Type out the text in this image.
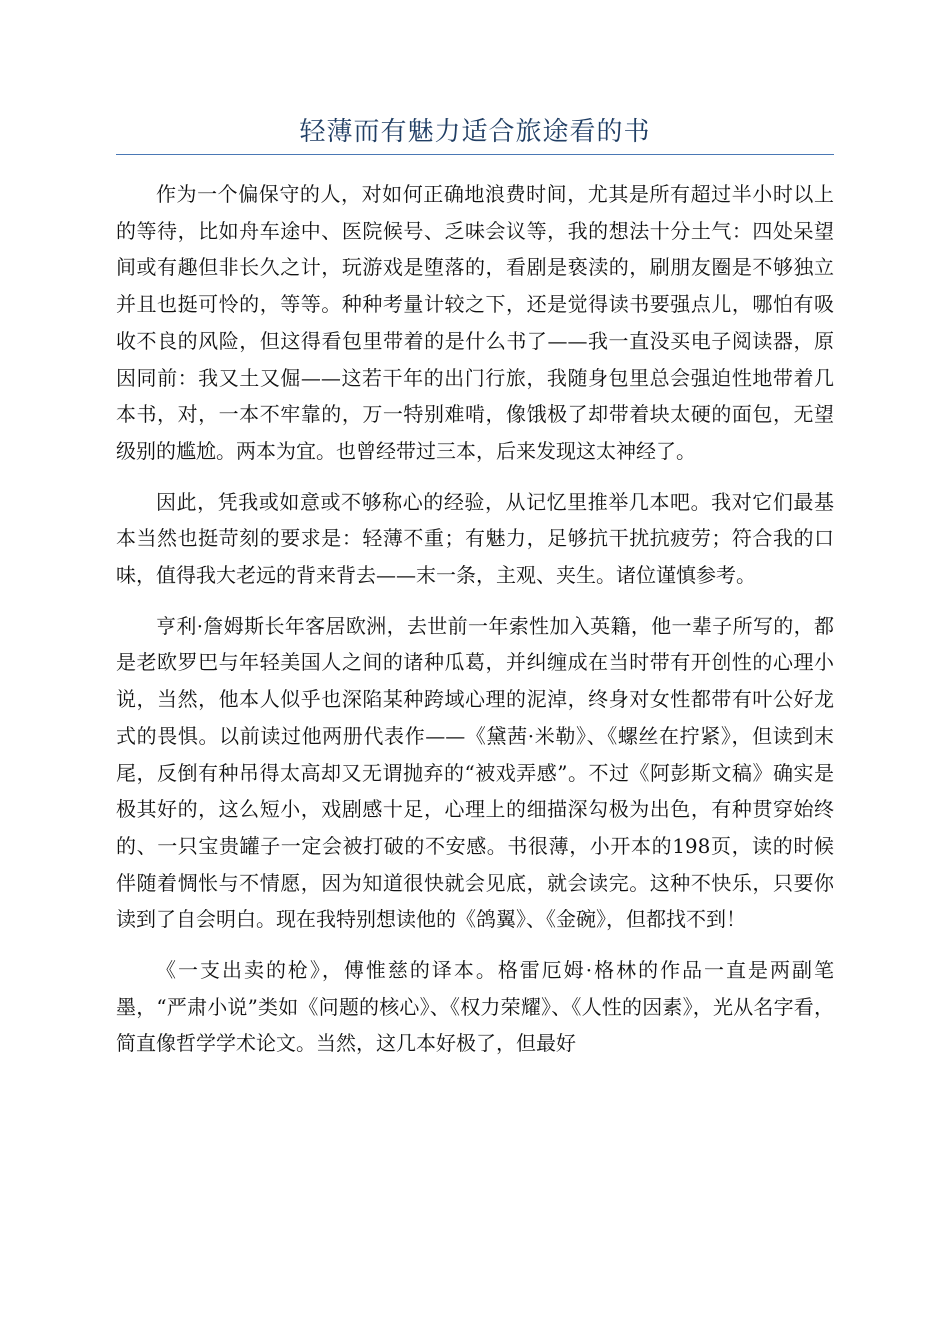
轻薄而有魅力适合旅途看的书

作为一个偏保守的人，对如何正确地浪费时间，尤其是所有超过半小时以上的等待，比如舟车途中、医院候号、乏味会议等，我的想法十分土气：四处呆望间或有趣但非长久之计，玩游戏是堕落的，看剧是亵渎的，刷朋友圈是不够独立并且也挺可怜的，等等。种种考量计较之下，还是觉得读书要强点儿，哪怕有吸收不良的风险，但这得看包里带着的是什么书了——我一直没买电子阅读器，原因同前：我又土又倔——这若干年的出门行旅，我随身包里总会强迫性地带着几本书，对，一本不牢靠的，万一特别难啃，像饿极了却带着块太硬的面包，无望级别的尴尬。两本为宜。也曾经带过三本，后来发现这太神经了。

因此，凭我或如意或不够称心的经验，从记忆里推举几本吧。我对它们最基本当然也挺苛刻的要求是：轻薄不重；有魅力，足够抗干扰抗疲劳；符合我的口味，值得我大老远的背来背去——末一条，主观、夹生。诸位谨慎参考。

亨利·詹姆斯长年客居欧洲，去世前一年索性加入英籍，他一辈子所写的，都是老欧罗巴与年轻美国人之间的诸种瓜葛，并纠缠成在当时带有开创性的心理小说，当然，他本人似乎也深陷某种跨域心理的泥淖，终身对女性都带有叶公好龙式的畏惧。以前读过他两册代表作——《黛茜·米勒》、《螺丝在拧紧》，但读到末尾，反倒有种吊得太高却又无谓抛弃的“被戏弄感”。不过《阿彭斯文稿》确实是极其好的，这么短小，戏剧感十足，心理上的细描深勾极为出色，有种贯穿始终的、一只宝贵罐子一定会被打破的不安感。书很薄，小开本的198页，读的时候伴随着惆怅与不情愿，因为知道很快就会见底，就会读完。这种不快乐，只要你读到了自会明白。现在我特别想读他的《鸽翼》、《金碗》，但都找不到！

《一支出卖的枪》，傅惟慈的译本。格雷厄姆·格林的作品一直是两副笔墨，“严肃小说”类如《问题的核心》、《权力荣耀》、《人性的因素》，光从名字看，简直像哲学学术论文。当然，这几本好极了，但最好
